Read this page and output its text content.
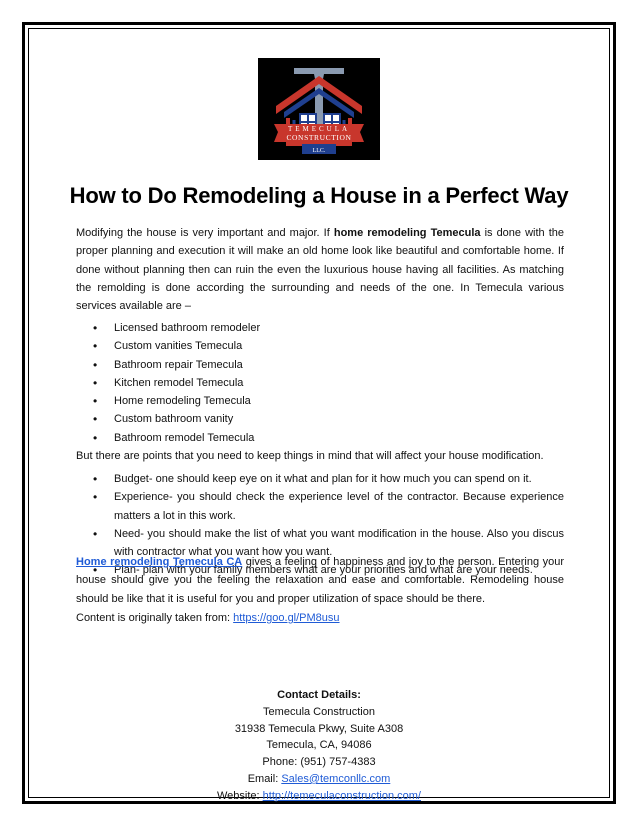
TEMECULA
CONSTRUCTION
LLC.
How to Do Remodeling a House in a Perfect Way

Modifying the house is very important and major. If home remodeling Temecula is done with the proper planning and execution it will make an old home look like beautiful and comfortable home. If done without planning then can ruin the even the luxurious house having all facilities. As matching the remolding is done according the surrounding and needs of the one. In Temecula various services available are –

• Licensed bathroom remodeler
• Custom vanities Temecula
• Bathroom repair Temecula
• Kitchen remodel Temecula
• Home remodeling Temecula
• Custom bathroom vanity
• Bathroom remodel Temecula

But there are points that you need to keep things in mind that will affect your house modification.

• Budget- one should keep eye on it what and plan for it how much you can spend on it.
• Experience- you should check the experience level of the contractor. Because experience matters a lot in this work.
• Need- you should make the list of what you want modification in the house. Also you discus with contractor what you want how you want.
• Plan- plan with your family members what are your priorities and what are your needs.

Home remodeling Temecula CA gives a feeling of happiness and joy to the person. Entering your house should give you the feeling the relaxation and ease and comfortable. Remodeling house should be like that it is useful for you and proper utilization of space should be there.

Content is originally taken from: https://goo.gl/PM8usu

Contact Details:
Temecula Construction
31938 Temecula Pkwy, Suite A308
Temecula, CA, 94086
Phone: (951) 757-4383
Email: Sales@temconllc.com
Website: http://temeculaconstruction.com/
